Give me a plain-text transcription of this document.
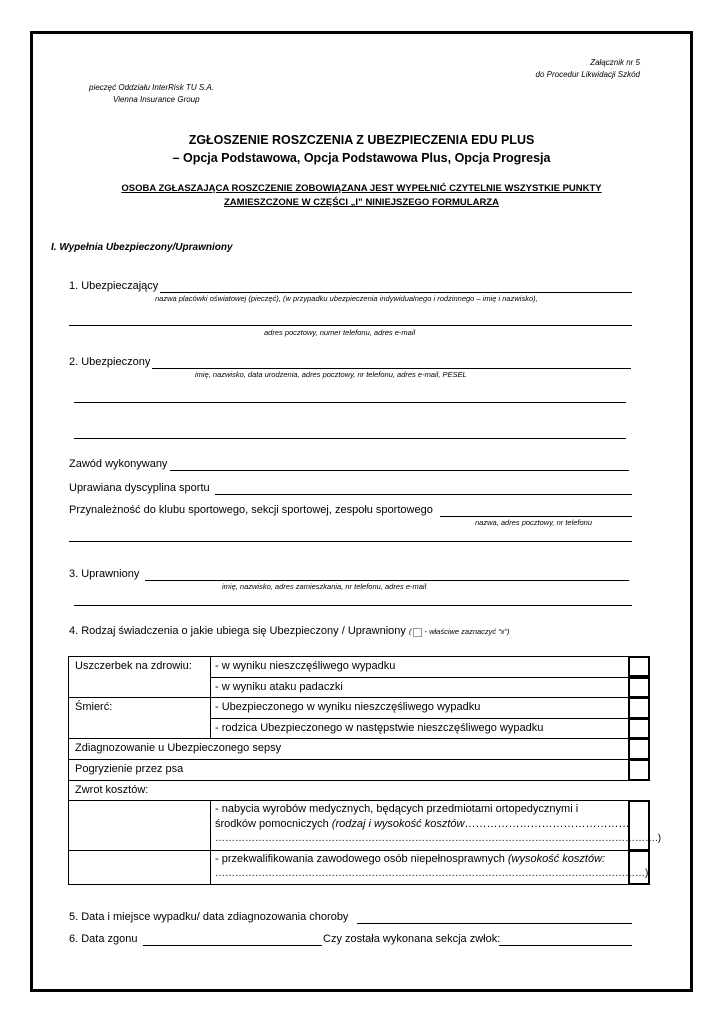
Załącznik nr 5
do Procedur Likwidacji Szkód
pieczęć Oddziału InterRisk TU S.A.
Vienna Insurance Group
ZGŁOSZENIE ROSZCZENIA Z UBEZPIECZENIA EDU PLUS
– Opcja Podstawowa, Opcja Podstawowa Plus, Opcja Progresja
OSOBA ZGŁASZAJĄCA ROSZCZENIE ZOBOWIĄZANA JEST WYPEŁNIĆ CZYTELNIE WSZYSTKIE PUNKTY
ZAMIESZCZONE W CZĘŚCI „I” NINIEJSZEGO FORMULARZA
I. Wypełnia Ubezpieczony/Uprawniony
1. Ubezpieczający
nazwa placówki oświatowej (pieczęć), (w przypadku ubezpieczenia indywidualnego i rodzinnego – imię i nazwisko),
adres pocztowy, numer telefonu, adres e-mail
2. Ubezpieczony
imię, nazwisko, data urodzenia, adres pocztowy, nr telefonu, adres e-mail, PESEL
Zawód wykonywany
Uprawiana dyscyplina sportu
Przynależność do klubu sportowego, sekcji sportowej, zespołu sportowego
nazwa, adres pocztowy, nr telefonu
3. Uprawniony
imię, nazwisko, adres zamieszkania, nr telefonu, adres e-mail
4. Rodzaj świadczenia o jakie ubiega się Ubezpieczony / Uprawniony ( - właściwe zaznaczyć “x”)
Uszczerbek na zdrowiu: - w wyniku nieszczęśliwego wypadku
- w wyniku ataku padaczki
Śmierć:	- Ubezpieczonego w wyniku nieszczęśliwego wypadku
- rodzica Ubezpieczonego w następstwie nieszczęśliwego wypadku
Zdiagnozowanie u Ubezpieczonego sepsy
Pogryzienie przez psa
Zwrot kosztów:
- nabycia wyrobów medycznych, będących przedmiotami ortopedycznymi i
środków pomocniczych (rodzaj i wysokość kosztów………………………………………
…………………………………………………………………………………………………………………….)
- przekwalifikowania zawodowego osób niepełnosprawnych (wysokość kosztów:
…………………………………………………………………………………………………………………)
5. Data i miejsce wypadku/ data zdiagnozowania choroby
6. Data zgonu	Czy została wykonana sekcja zwłok:
